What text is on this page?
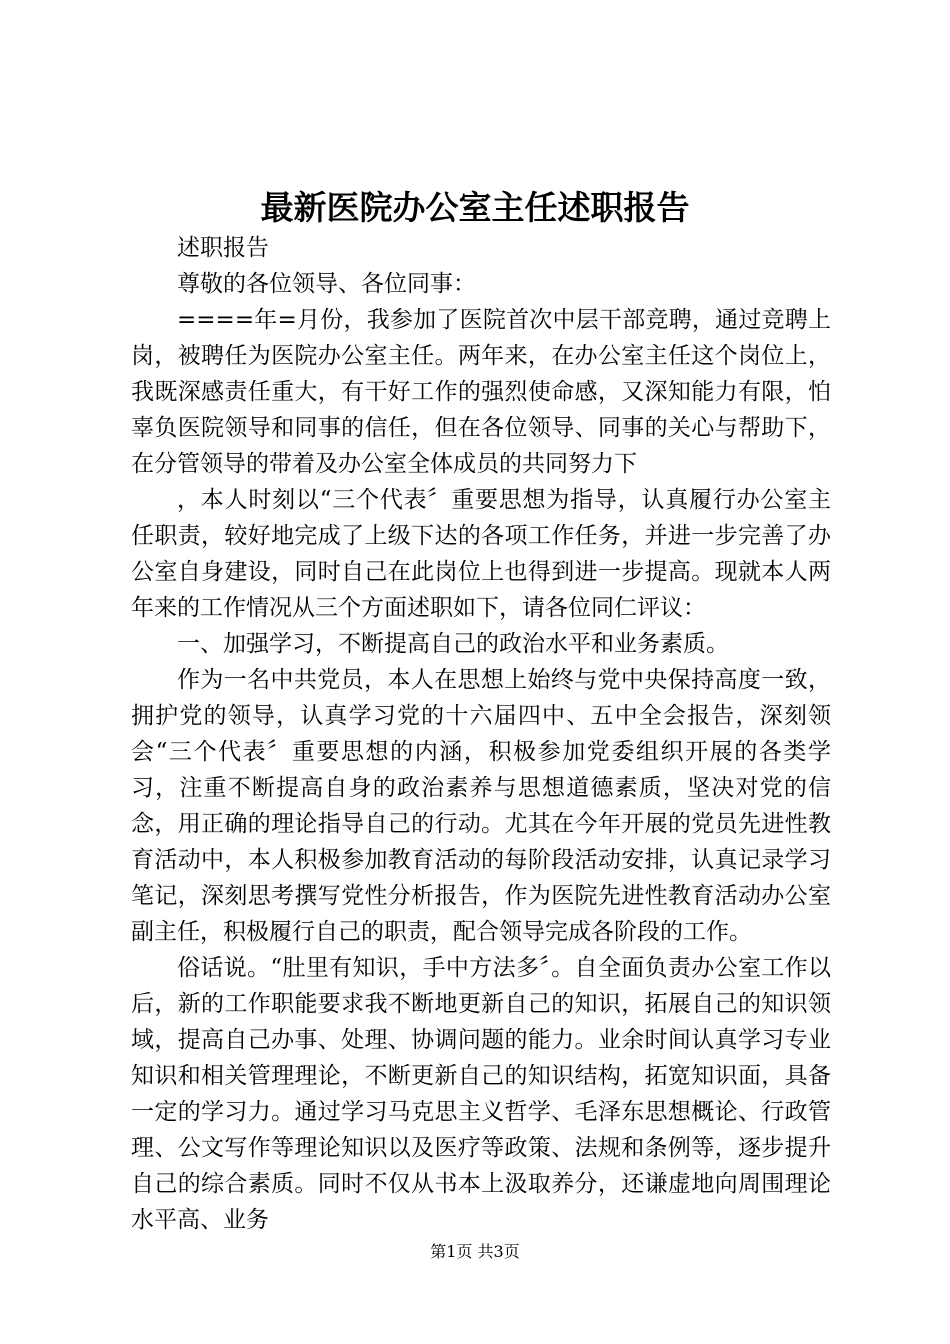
最新医院办公室主任述职报告

述职报告

尊敬的各位领导、各位同事：

====年=月份，我参加了医院首次中层干部竞聘，通过竞聘上岗，被聘任为医院办公室主任。两年来，在办公室主任这个岗位上，我既深感责任重大，有干好工作的强烈使命感，又深知能力有限，怕辜负医院领导和同事的信任，但在各位领导、同事的关心与帮助下，在分管领导的带着及办公室全体成员的共同努力下

，本人时刻以“三个代表〞重要思想为指导，认真履行办公室主任职责，较好地完成了上级下达的各项工作任务，并进一步完善了办公室自身建设，同时自己在此岗位上也得到进一步提高。现就本人两年来的工作情况从三个方面述职如下，请各位同仁评议：

一、加强学习，不断提高自己的政治水平和业务素质。

作为一名中共党员，本人在思想上始终与党中央保持高度一致，拥护党的领导，认真学习党的十六届四中、五中全会报告，深刻领会“三个代表〞重要思想的内涵，积极参加党委组织开展的各类学习，注重不断提高自身的政治素养与思想道德素质，坚决对党的信念，用正确的理论指导自己的行动。尤其在今年开展的党员先进性教育活动中，本人积极参加教育活动的每阶段活动安排，认真记录学习笔记，深刻思考撰写党性分析报告，作为医院先进性教育活动办公室副主任，积极履行自己的职责，配合领导完成各阶段的工作。

俗话说。“肚里有知识，手中方法多〞。自全面负责办公室工作以后，新的工作职能要求我不断地更新自己的知识，拓展自己的知识领域，提高自己办事、处理、协调问题的能力。业余时间认真学习专业知识和相关管理理论，不断更新自己的知识结构，拓宽知识面，具备一定的学习力。通过学习马克思主义哲学、毛泽东思想概论、行政管理、公文写作等理论知识以及医疗等政策、法规和条例等，逐步提升自己的综合素质。同时不仅从书本上汲取养分，还谦虚地向周围理论水平高、业务

第1页 共3页
